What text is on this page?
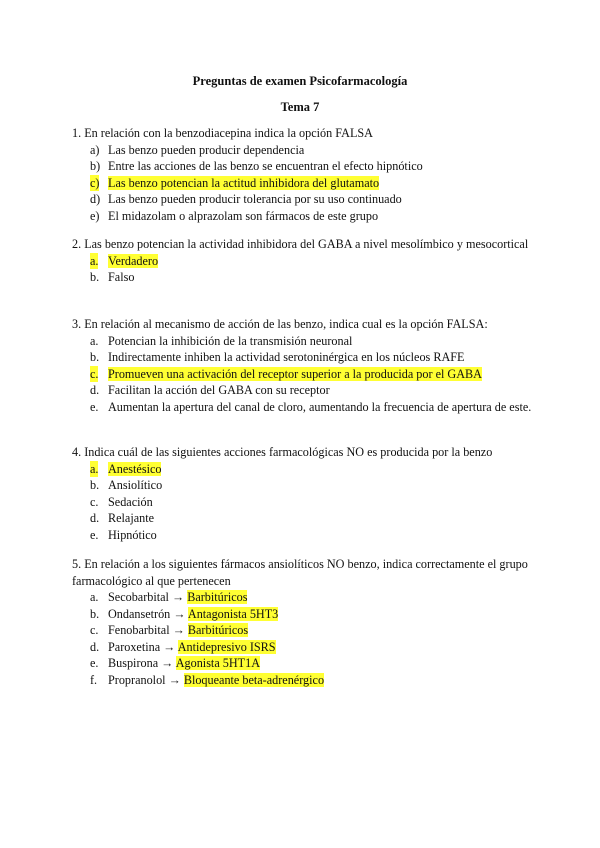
Preguntas de examen Psicofarmacología
Tema 7

1. En relación con la benzodiacepina indica la opción FALSA

a) Las benzo pueden producir dependencia
b) Entre las acciones de las benzo se encuentran el efecto hipnótico
c) Las benzo potencian la actitud inhibidora del glutamato
d) Las benzo pueden producir tolerancia por su uso continuado
e) El midazolam o alprazolam son fármacos de este grupo

2. Las benzo potencian la actividad inhibidora del GABA a nivel mesolímbico y mesocortical

a. Verdadero
b. Falso

3. En relación al mecanismo de acción de las benzo, indica cual es la opción FALSA:

a. Potencian la inhibición de la transmisión neuronal
b. Indirectamente inhiben la actividad serotoninérgica en los núcleos RAFE
c. Promueven una activación del receptor superior a la producida por el GABA
d. Facilitan la acción del GABA con su receptor
e. Aumentan la apertura del canal de cloro, aumentando la frecuencia de apertura de este.

4. Indica cuál de las siguientes acciones farmacológicas NO es producida por la benzo

a. Anestésico
b. Ansiolítico
c. Sedación
d. Relajante
e. Hipnótico

5. En relación a los siguientes fármacos ansiolíticos NO benzo, indica correctamente el grupo farmacológico al que pertenecen

a. Secobarbital → Barbitúricos
b. Ondansetrón → Antagonista 5HT3
c. Fenobarbital → Barbitúricos
d. Paroxetina → Antidepresivo ISRS
e. Buspirona → Agonista 5HT1A
f. Propranolol → Bloqueante beta-adrenérgico
